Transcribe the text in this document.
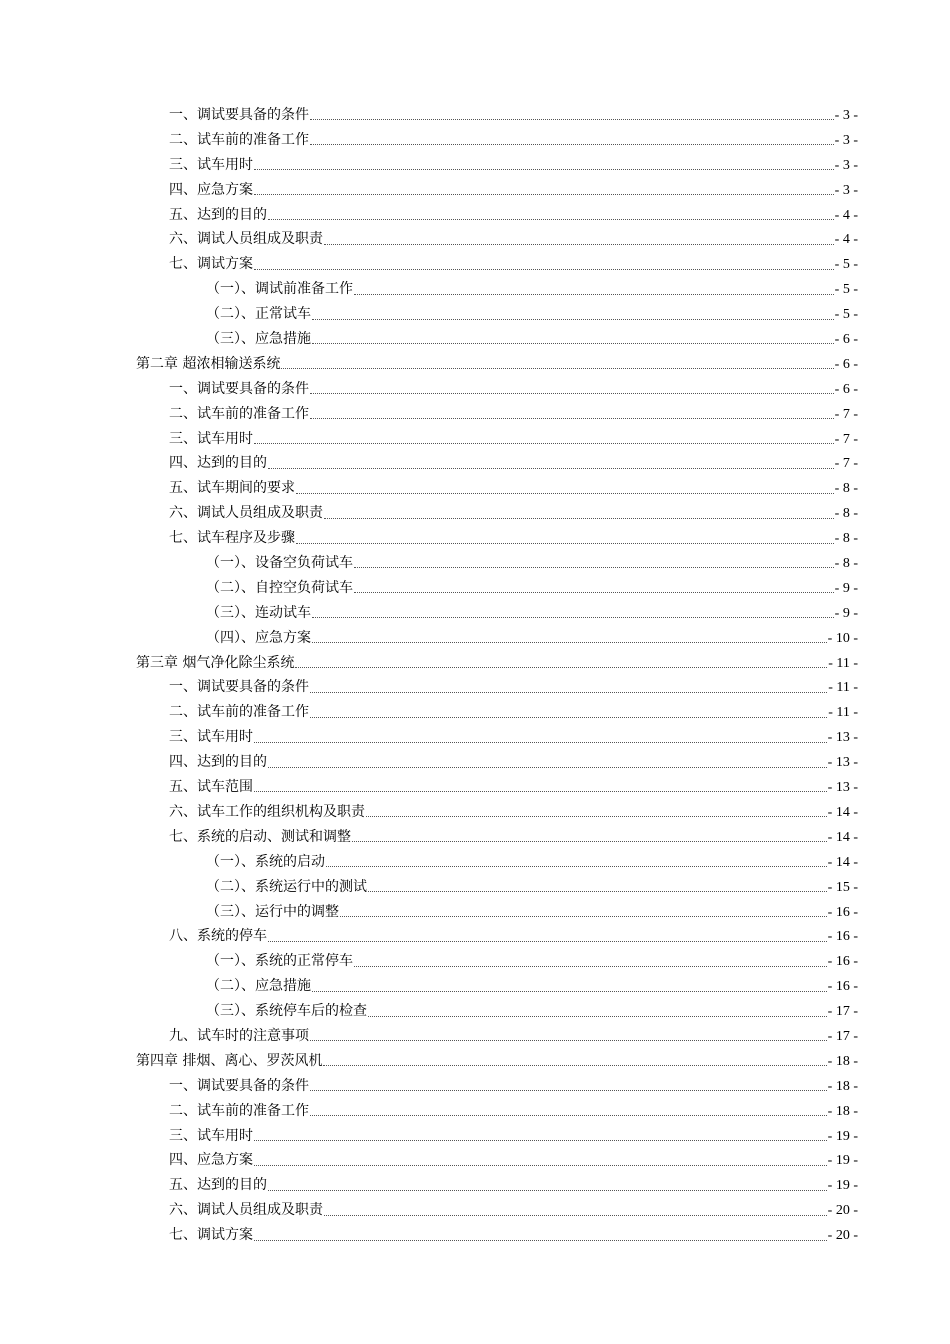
一、调试要具备的条件	- 3 -
二、试车前的准备工作	- 3 -
三、试车用时	- 3 -
四、应急方案	- 3 -
五、达到的目的	- 4 -
六、调试人员组成及职责	- 4 -
七、调试方案	- 5 -
（一）、调试前准备工作	- 5 -
（二）、正常试车	- 5 -
（三）、应急措施	- 6 -
第二章 超浓相输送系统	- 6 -
一、调试要具备的条件	- 6 -
二、试车前的准备工作	- 7 -
三、试车用时	- 7 -
四、达到的目的	- 7 -
五、试车期间的要求	- 8 -
六、调试人员组成及职责	- 8 -
七、试车程序及步骤	- 8 -
（一）、设备空负荷试车	- 8 -
（二）、自控空负荷试车	- 9 -
（三）、连动试车	- 9 -
（四）、应急方案	- 10 -
第三章 烟气净化除尘系统	- 11 -
一、调试要具备的条件	- 11 -
二、试车前的准备工作	- 11 -
三、试车用时	- 13 -
四、达到的目的	- 13 -
五、试车范围	- 13 -
六、试车工作的组织机构及职责	- 14 -
七、系统的启动、测试和调整	- 14 -
（一）、系统的启动	- 14 -
（二）、系统运行中的测试	- 15 -
（三）、运行中的调整	- 16 -
八、系统的停车	- 16 -
（一）、系统的正常停车	- 16 -
（二）、应急措施	- 16 -
（三）、系统停车后的检查	- 17 -
九、试车时的注意事项	- 17 -
第四章 排烟、离心、罗茨风机	- 18 -
一、调试要具备的条件	- 18 -
二、试车前的准备工作	- 18 -
三、试车用时	- 19 -
四、应急方案	- 19 -
五、达到的目的	- 19 -
六、调试人员组成及职责	- 20 -
七、调试方案	- 20 -
